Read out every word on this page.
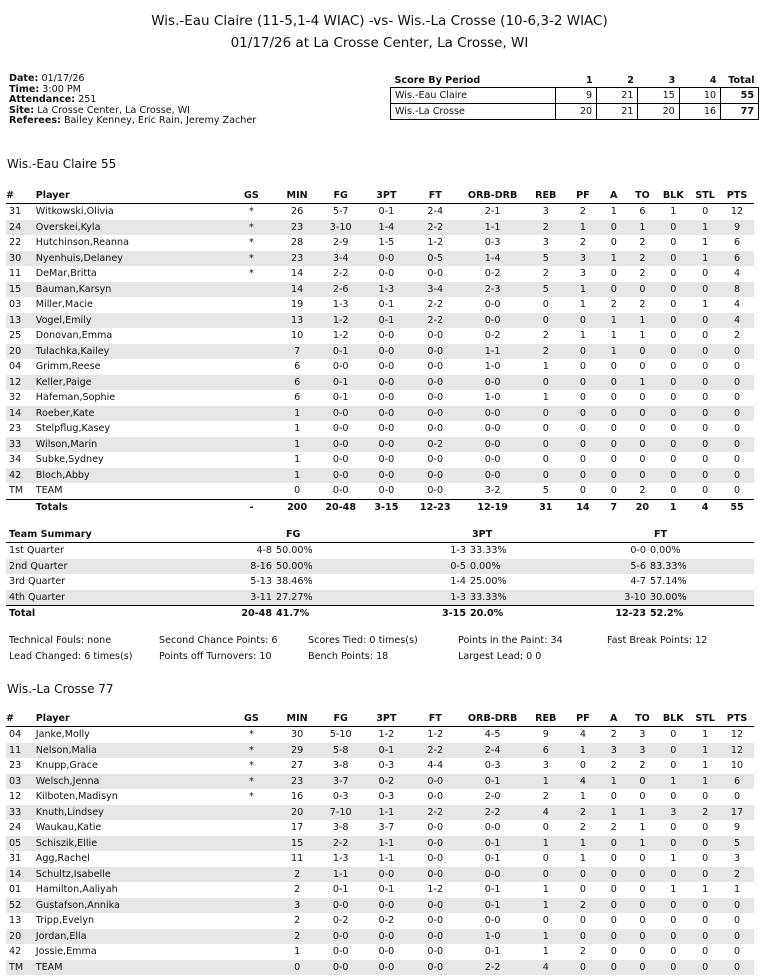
Wis.-Eau Claire (11-5,1-4 WIAC) -vs- Wis.-La Crosse (10-6,3-2 WIAC)
01/17/26 at La Crosse Center, La Crosse, WI
Date: 01/17/26
Time: 3:00 PM
Attendance: 251
Site: La Crosse Center, La Crosse, WI
Referees: Bailey Kenney, Eric Rain, Jeremy Zacher
Score By Period	1	2	3	4	Total
Wis.-Eau Claire	9	21	15	10	55
Wis.-La Crosse	20	21	20	16	77
Wis.-Eau Claire 55
#	Player	GS	MIN	FG	3PT	FT	ORB-DRB	REB	PF	A	TO	BLK	STL	PTS
31	Witkowski,Olivia	*	26	5-7	0-1	2-4	2-1	3	2	1	6	1	0	12
24	Overskei,Kyla	*	23	3-10	1-4	2-2	1-1	2	1	0	1	0	1	9
22	Hutchinson,Reanna	*	28	2-9	1-5	1-2	0-3	3	2	0	2	0	1	6
30	Nyenhuis,Delaney	*	23	3-4	0-0	0-5	1-4	5	3	1	2	0	1	6
11	DeMar,Britta	*	14	2-2	0-0	0-0	0-2	2	3	0	2	0	0	4
15	Bauman,Karsyn		14	2-6	1-3	3-4	2-3	5	1	0	0	0	0	8
03	Miller,Macie		19	1-3	0-1	2-2	0-0	0	1	2	2	0	1	4
13	Vogel,Emily		13	1-2	0-1	2-2	0-0	0	0	1	1	0	0	4
25	Donovan,Emma		10	1-2	0-0	0-0	0-2	2	1	1	1	0	0	2
20	Tulachka,Kailey		7	0-1	0-0	0-0	1-1	2	0	1	0	0	0	0
04	Grimm,Reese		6	0-0	0-0	0-0	1-0	1	0	0	0	0	0	0
12	Keller,Paige		6	0-1	0-0	0-0	0-0	0	0	0	1	0	0	0
32	Hafeman,Sophie		6	0-1	0-0	0-0	1-0	1	0	0	0	0	0	0
14	Roeber,Kate		1	0-0	0-0	0-0	0-0	0	0	0	0	0	0	0
23	Stelpflug,Kasey		1	0-0	0-0	0-0	0-0	0	0	0	0	0	0	0
33	Wilson,Marin		1	0-0	0-0	0-2	0-0	0	0	0	0	0	0	0
34	Subke,Sydney		1	0-0	0-0	0-0	0-0	0	0	0	0	0	0	0
42	Bloch,Abby		1	0-0	0-0	0-0	0-0	0	0	0	0	0	0	0
TM	TEAM		0	0-0	0-0	0-0	3-2	5	0	0	2	0	0	0
	Totals	-	200	20-48	3-15	12-23	12-19	31	14	7	20	1	4	55
Team Summary	FG	3PT	FT
1st Quarter	4-8 50.00%	1-3 33.33%	0-0 0.00%
2nd Quarter	8-16 50.00%	0-5 0.00%	5-6 83.33%
3rd Quarter	5-13 38.46%	1-4 25.00%	4-7 57.14%
4th Quarter	3-11 27.27%	1-3 33.33%	3-10 30.00%
Total	20-48 41.7%	3-15 20.0%	12-23 52.2%
Technical Fouls: none	Second Chance Points: 6	Scores Tied: 0 times(s)	Points in the Paint: 34	Fast Break Points: 12
Lead Changed: 6 times(s)	Points off Turnovers: 10	Bench Points: 18	Largest Lead: 0 0
Wis.-La Crosse 77
#	Player	GS	MIN	FG	3PT	FT	ORB-DRB	REB	PF	A	TO	BLK	STL	PTS
04	Janke,Molly	*	30	5-10	1-2	1-2	4-5	9	4	2	3	0	1	12
11	Nelson,Malia	*	29	5-8	0-1	2-2	2-4	6	1	3	3	0	1	12
23	Knupp,Grace	*	27	3-8	0-3	4-4	0-3	3	0	2	2	0	1	10
03	Welsch,Jenna	*	23	3-7	0-2	0-0	0-1	1	4	1	0	1	1	6
12	Kilboten,Madisyn	*	16	0-3	0-3	0-0	2-0	2	1	0	0	0	0	0
33	Knuth,Lindsey		20	7-10	1-1	2-2	2-2	4	2	1	1	3	2	17
24	Waukau,Katie		17	3-8	3-7	0-0	0-0	0	2	2	1	0	0	9
05	Schiszik,Ellie		15	2-2	1-1	0-0	0-1	1	1	0	1	0	0	5
31	Agg,Rachel		11	1-3	1-1	0-0	0-1	0	1	0	0	1	0	3
14	Schultz,Isabelle		2	1-1	0-0	0-0	0-0	0	0	0	0	0	0	2
01	Hamilton,Aaliyah		2	0-1	0-1	1-2	0-1	1	0	0	0	1	1	1
52	Gustafson,Annika		3	0-0	0-0	0-0	0-1	1	2	0	0	0	0	0
13	Tripp,Evelyn		2	0-2	0-2	0-0	0-0	0	0	0	0	0	0	0
20	Jordan,Ella		2	0-0	0-0	0-0	1-0	1	0	0	0	0	0	0
42	Jossie,Emma		1	0-0	0-0	0-0	0-1	1	2	0	0	0	0	0
TM	TEAM		0	0-0	0-0	0-0	2-2	4	0	0	0	0	0	0
